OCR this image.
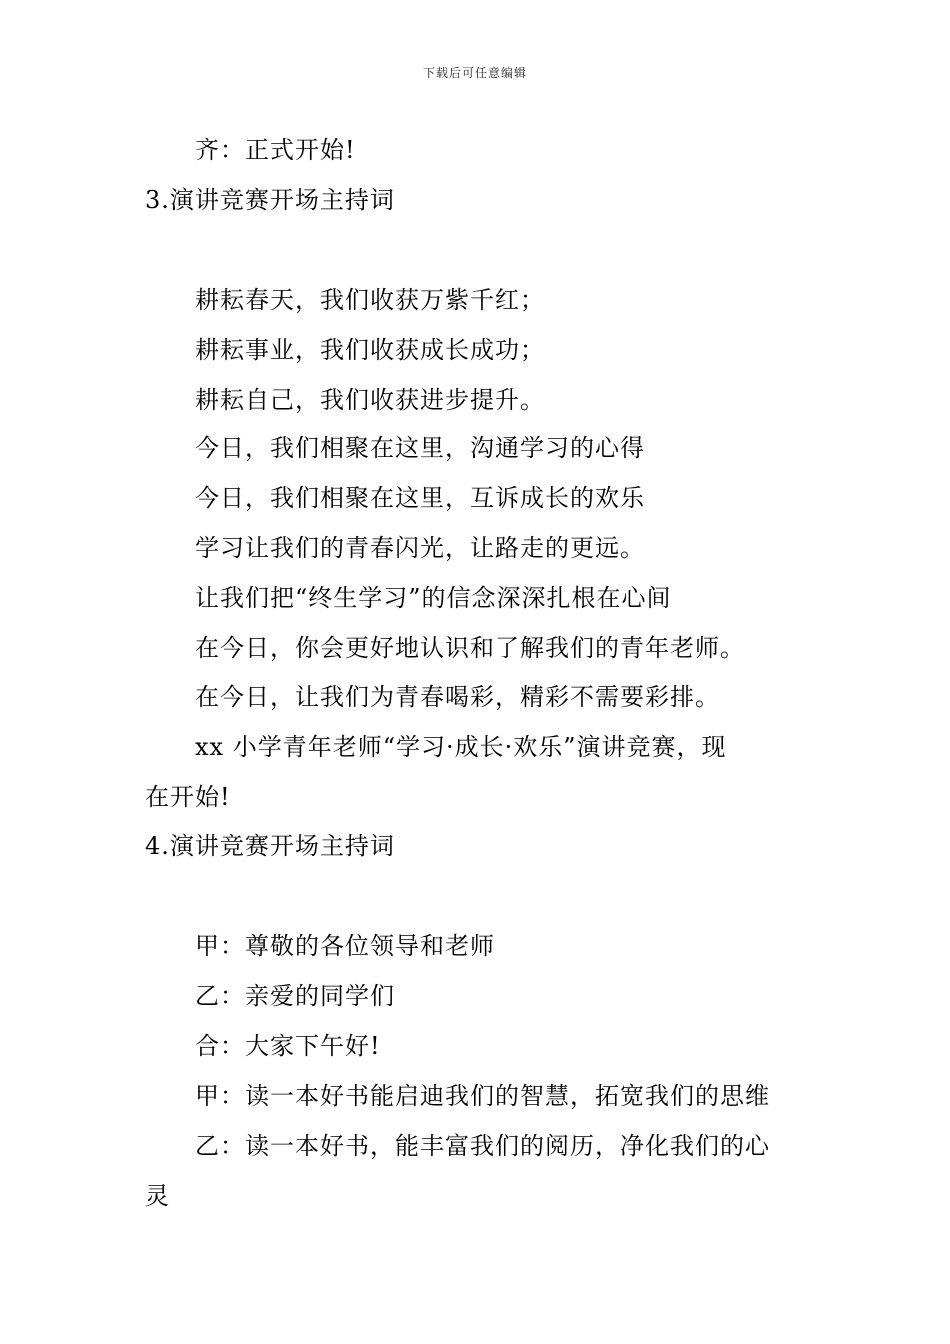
下载后可任意编辑
齐：正式开始!
3.演讲竞赛开场主持词
耕耘春天，我们收获万紫千红；
耕耘事业，我们收获成长成功；
耕耘自己，我们收获进步提升。
今日，我们相聚在这里，沟通学习的心得
今日，我们相聚在这里，互诉成长的欢乐
学习让我们的青春闪光，让路走的更远。
让我们把“终生学习”的信念深深扎根在心间
在今日，你会更好地认识和了解我们的青年老师。
在今日，让我们为青春喝彩，精彩不需要彩排。
xx 小学青年老师“学习·成长·欢乐”演讲竞赛，现
在开始!
4.演讲竞赛开场主持词
甲：尊敬的各位领导和老师
乙：亲爱的同学们
合：大家下午好!
甲：读一本好书能启迪我们的智慧，拓宽我们的思维
乙：读一本好书，能丰富我们的阅历，净化我们的心
灵
